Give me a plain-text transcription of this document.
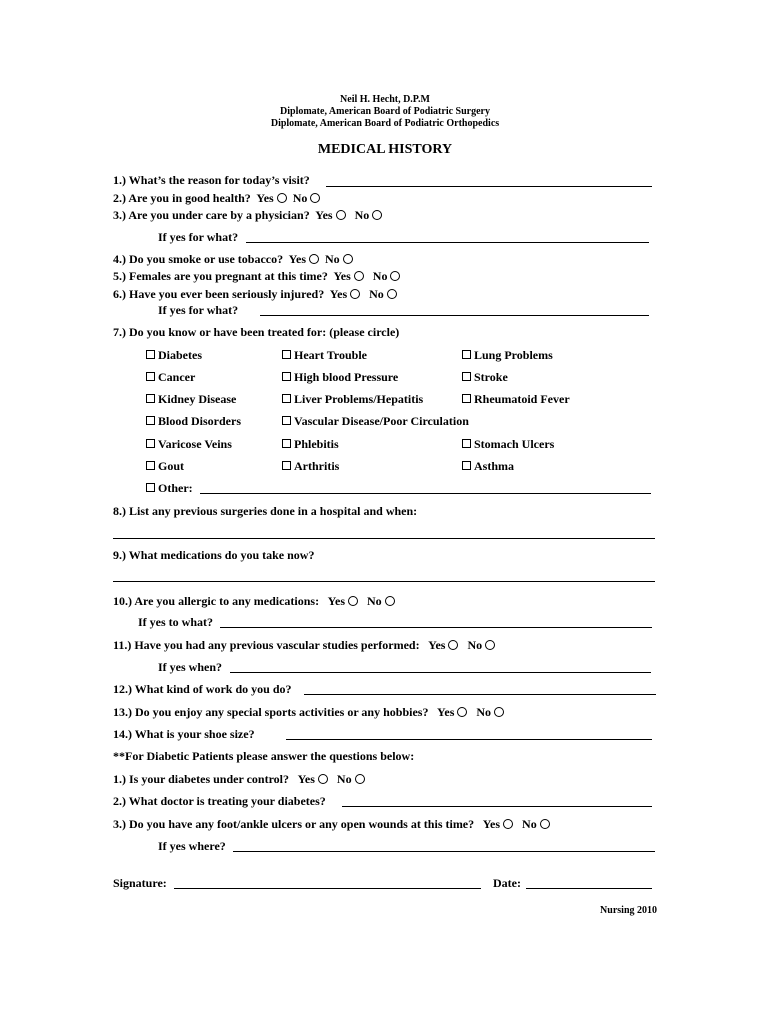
Neil H. Hecht, D.P.M
Diplomate, American Board of Podiatric Surgery
Diplomate, American Board of Podiatric Orthopedics
MEDICAL HISTORY
1.) What’s the reason for today’s visit?
2.) Are you in good health? Yes No
3.) Are you under care by a physician? Yes No
If yes for what?
4.) Do you smoke or use tobacco? Yes No
5.) Females are you pregnant at this time? Yes No
6.) Have you ever been seriously injured? Yes No
If yes for what?
7.) Do you know or have been treated for: (please circle)
Diabetes	Heart Trouble	Lung Problems
Cancer	High blood Pressure	Stroke
Kidney Disease	Liver Problems/Hepatitis	Rheumatoid Fever
Blood Disorders	Vascular Disease/Poor Circulation
Varicose Veins	Phlebitis	Stomach Ulcers
Gout	Arthritis	Asthma
Other:
8.) List any previous surgeries done in a hospital and when:
9.) What medications do you take now?
10.) Are you allergic to any medications: Yes No
If yes to what?
11.) Have you had any previous vascular studies performed: Yes No
If yes when?
12.) What kind of work do you do?
13.) Do you enjoy any special sports activities or any hobbies? Yes No
14.) What is your shoe size?
**For Diabetic Patients please answer the questions below:
1.) Is your diabetes under control? Yes No
2.) What doctor is treating your diabetes?
3.) Do you have any foot/ankle ulcers or any open wounds at this time? Yes No
If yes where?
Signature:	Date:
Nursing 2010
